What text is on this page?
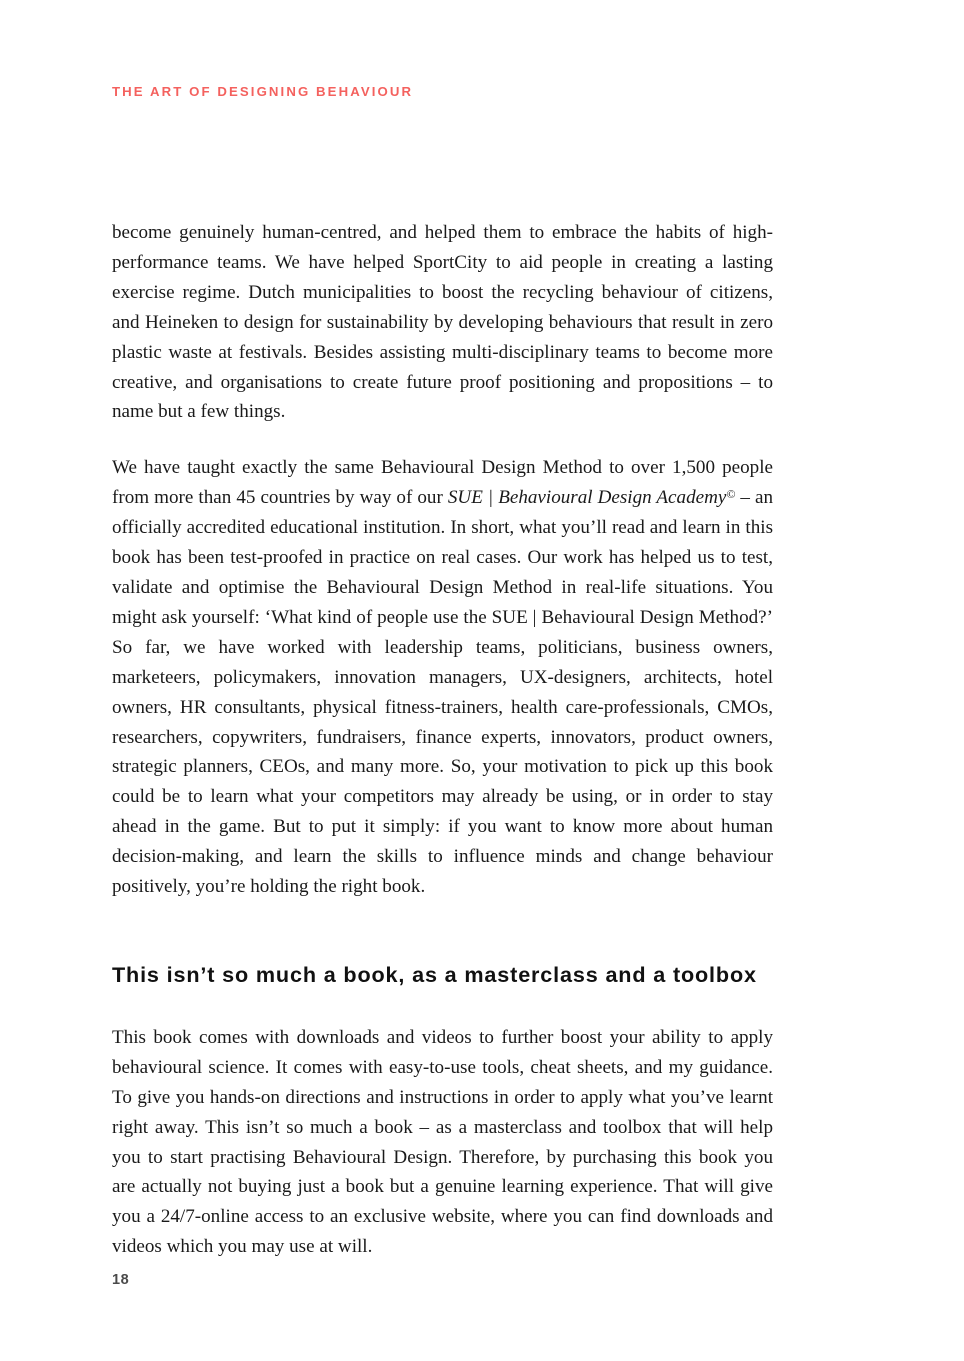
THE ART OF DESIGNING BEHAVIOUR

become genuinely human-centred, and helped them to embrace the habits of high-performance teams. We have helped SportCity to aid people in creating a lasting exercise regime. Dutch municipalities to boost the recycling behaviour of citizens, and Heineken to design for sustainability by developing behaviours that result in zero plastic waste at festivals. Besides assisting multi-disciplinary teams to become more creative, and organisations to create future proof positioning and propositions – to name but a few things.

We have taught exactly the same Behavioural Design Method to over 1,500 people from more than 45 countries by way of our SUE | Behavioural Design Academy© – an officially accredited educational institution. In short, what you’ll read and learn in this book has been test-proofed in practice on real cases. Our work has helped us to test, validate and optimise the Behavioural Design Method in real-life situations. You might ask yourself: ‘What kind of people use the SUE | Behavioural Design Method?’ So far, we have worked with leadership teams, politicians, business owners, marketeers, policymakers, innovation managers, UX-designers, architects, hotel owners, HR consultants, physical fitness-trainers, health care-professionals, CMOs, researchers, copywriters, fundraisers, finance experts, innovators, product owners, strategic planners, CEOs, and many more. So, your motivation to pick up this book could be to learn what your competitors may already be using, or in order to stay ahead in the game. But to put it simply: if you want to know more about human decision-making, and learn the skills to influence minds and change behaviour positively, you’re holding the right book.

This isn’t so much a book, as a masterclass and a toolbox

This book comes with downloads and videos to further boost your ability to apply behavioural science. It comes with easy-to-use tools, cheat sheets, and my guidance. To give you hands-on directions and instructions in order to apply what you’ve learnt right away. This isn’t so much a book – as a masterclass and toolbox that will help you to start practising Behavioural Design. Therefore, by purchasing this book you are actually not buying just a book but a genuine learning experience. That will give you a 24/7-online access to an exclusive website, where you can find downloads and videos which you may use at will.

18
